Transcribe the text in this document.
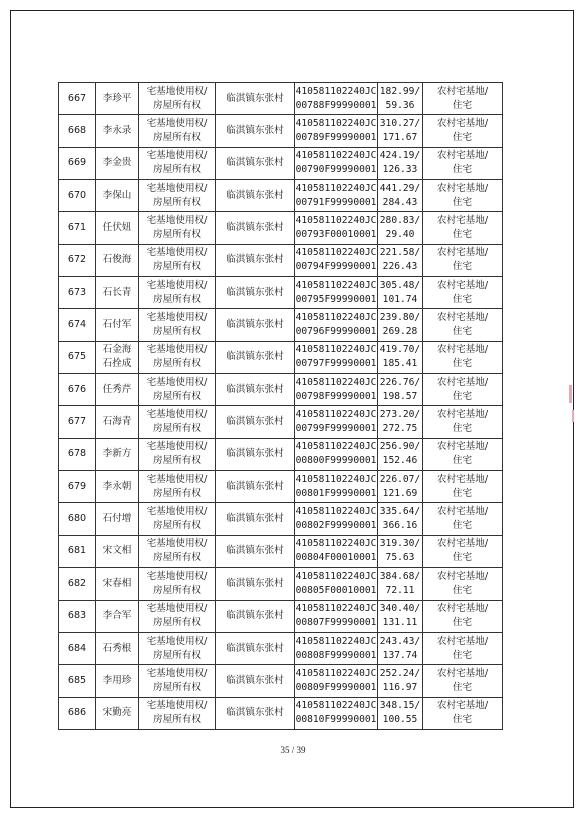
667	李珍平	宅基地使用权/
房屋所有权	临淇镇东张村	410581102240JC
00788F99990001	182.99/
59.36	农村宅基地/
住宅

668	李永录	宅基地使用权/
房屋所有权	临淇镇东张村	410581102240JC
00789F99990001	310.27/
171.67	农村宅基地/
住宅

669	李金贵	宅基地使用权/
房屋所有权	临淇镇东张村	410581102240JC
00790F99990001	424.19/
126.33	农村宅基地/
住宅

670	李保山	宅基地使用权/
房屋所有权	临淇镇东张村	410581102240JC
00791F99990001	441.29/
284.43	农村宅基地/
住宅

671	任伏妞	宅基地使用权/
房屋所有权	临淇镇东张村	410581102240JC
00793F00010001	280.83/
29.40	农村宅基地/
住宅

672	石俊海	宅基地使用权/
房屋所有权	临淇镇东张村	410581102240JC
00794F99990001	221.58/
226.43	农村宅基地/
住宅

673	石长青	宅基地使用权/
房屋所有权	临淇镇东张村	410581102240JC
00795F99990001	305.48/
101.74	农村宅基地/
住宅

674	石付军	宅基地使用权/
房屋所有权	临淇镇东张村	410581102240JC
00796F99990001	239.80/
269.28	农村宅基地/
住宅

675	石金海
石拴成	宅基地使用权/
房屋所有权	临淇镇东张村	410581102240JC
00797F99990001	419.70/
185.41	农村宅基地/
住宅

676	任秀芹	宅基地使用权/
房屋所有权	临淇镇东张村	410581102240JC
00798F99990001	226.76/
198.57	农村宅基地/
住宅

677	石海青	宅基地使用权/
房屋所有权	临淇镇东张村	410581102240JC
00799F99990001	273.20/
272.75	农村宅基地/
住宅

678	李新方	宅基地使用权/
房屋所有权	临淇镇东张村	410581102240JC
00800F99990001	256.90/
152.46	农村宅基地/
住宅

679	李永朝	宅基地使用权/
房屋所有权	临淇镇东张村	410581102240JC
00801F99990001	226.07/
121.69	农村宅基地/
住宅

680	石付增	宅基地使用权/
房屋所有权	临淇镇东张村	410581102240JC
00802F99990001	335.64/
366.16	农村宅基地/
住宅

681	宋文相	宅基地使用权/
房屋所有权	临淇镇东张村	410581102240JC
00804F00010001	319.30/
75.63	农村宅基地/
住宅

682	宋春相	宅基地使用权/
房屋所有权	临淇镇东张村	410581102240JC
00805F00010001	384.68/
72.11	农村宅基地/
住宅

683	李合军	宅基地使用权/
房屋所有权	临淇镇东张村	410581102240JC
00807F99990001	340.40/
131.11	农村宅基地/
住宅

684	石秀根	宅基地使用权/
房屋所有权	临淇镇东张村	410581102240JC
00808F99990001	243.43/
137.74	农村宅基地/
住宅

685	李用珍	宅基地使用权/
房屋所有权	临淇镇东张村	410581102240JC
00809F99990001	252.24/
116.97	农村宅基地/
住宅

686	宋勤亮	宅基地使用权/
房屋所有权	临淇镇东张村	410581102240JC
00810F99990001	348.15/
100.55	农村宅基地/
住宅
35 / 39
